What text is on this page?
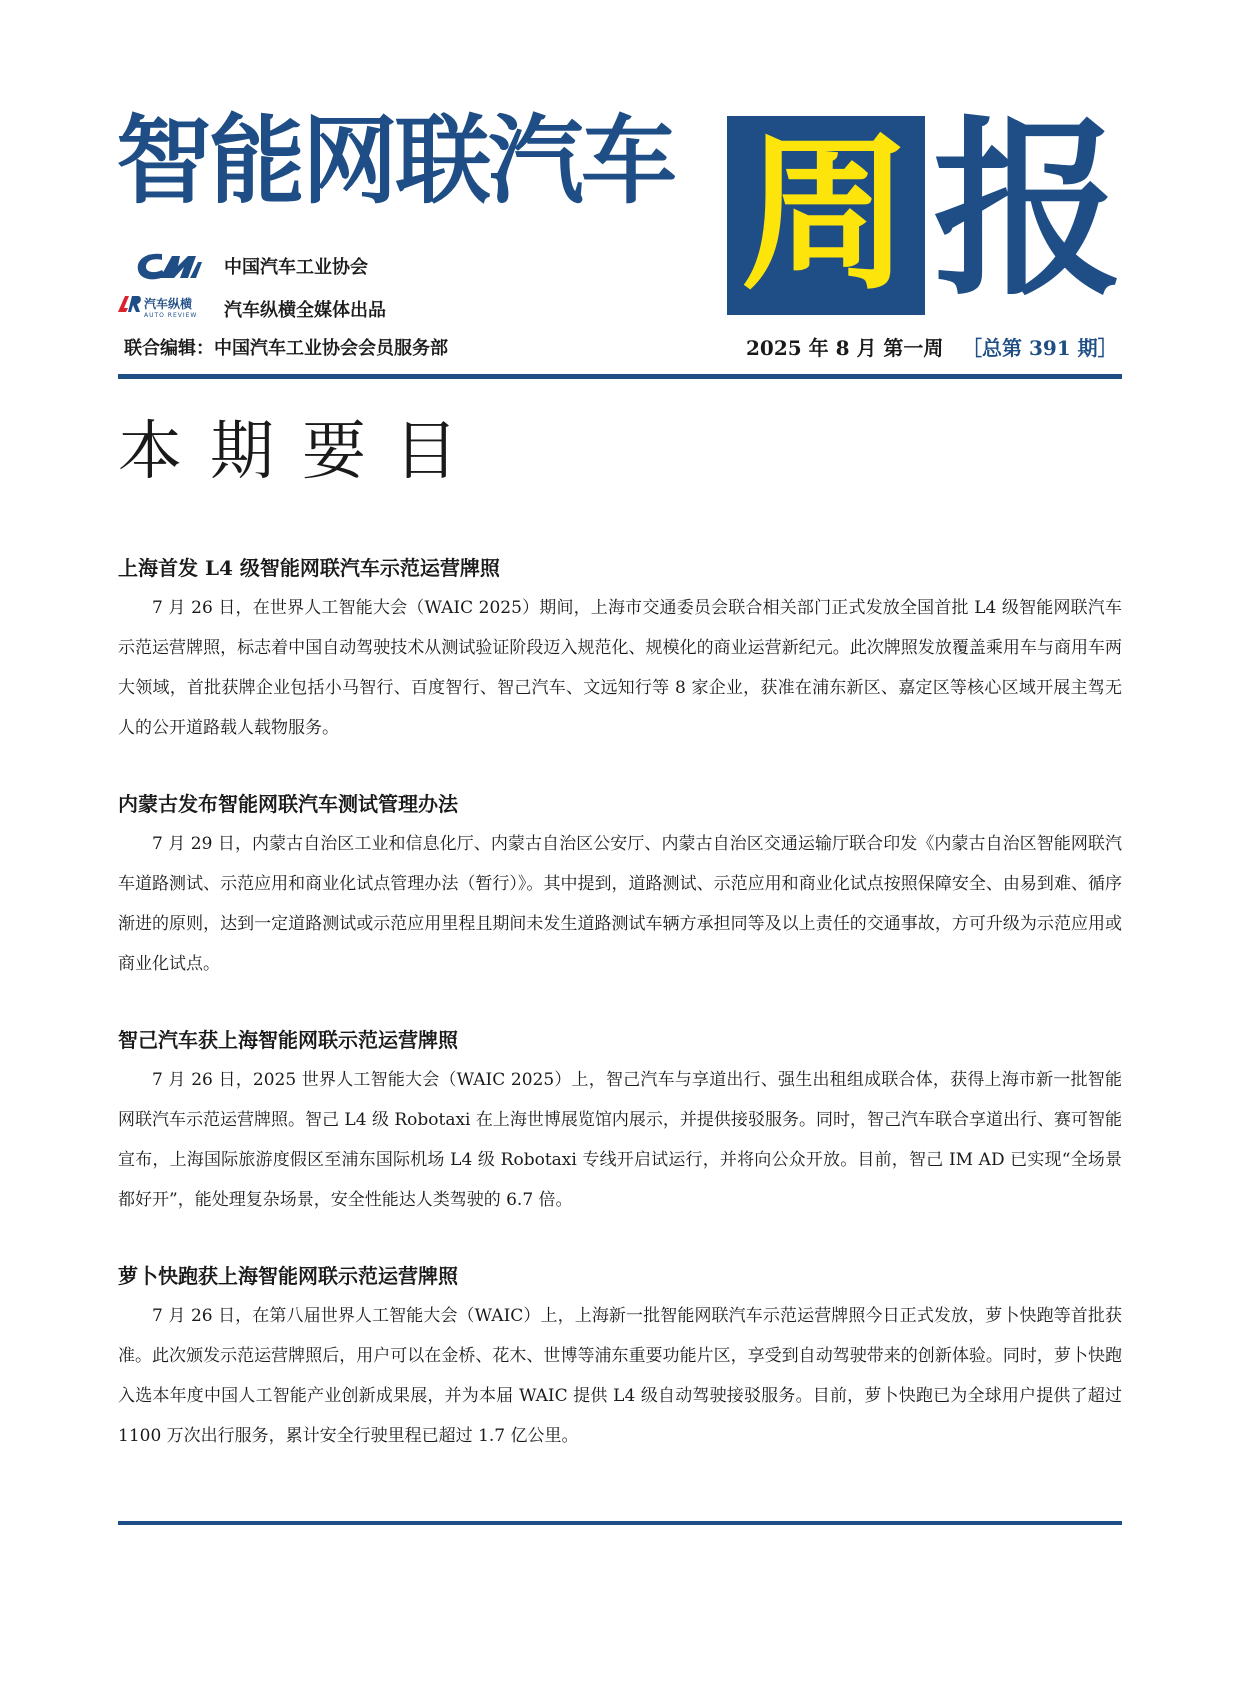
智能网联汽车 周 报
汽车纵横
AUTO REVIEW
中国汽车工业协会
汽车纵横全媒体出品
联合编辑：中国汽车工业协会会员服务部	2025 年 8 月 第一周 ［总第 391 期］
本期要目

上海首发 L4 级智能网联汽车示范运营牌照

7 月 26 日，在世界人工智能大会（WAIC 2025）期间，上海市交通委员会联合相关部门正式发放全国首批 L4 级智能网联汽车示范运营牌照，标志着中国自动驾驶技术从测试验证阶段迈入规范化、规模化的商业运营新纪元。此次牌照发放覆盖乘用车与商用车两大领域，首批获牌企业包括小马智行、百度智行、智己汽车、文远知行等 8 家企业，获准在浦东新区、嘉定区等核心区域开展主驾无人的公开道路载人载物服务。

内蒙古发布智能网联汽车测试管理办法

7 月 29 日，内蒙古自治区工业和信息化厅、内蒙古自治区公安厅、内蒙古自治区交通运输厅联合印发《内蒙古自治区智能网联汽车道路测试、示范应用和商业化试点管理办法（暂行）》。其中提到，道路测试、示范应用和商业化试点按照保障安全、由易到难、循序渐进的原则，达到一定道路测试或示范应用里程且期间未发生道路测试车辆方承担同等及以上责任的交通事故，方可升级为示范应用或商业化试点。

智己汽车获上海智能网联示范运营牌照

7 月 26 日，2025 世界人工智能大会（WAIC 2025）上，智己汽车与享道出行、强生出租组成联合体，获得上海市新一批智能网联汽车示范运营牌照。智己 L4 级 Robotaxi 在上海世博展览馆内展示，并提供接驳服务。同时，智己汽车联合享道出行、赛可智能宣布，上海国际旅游度假区至浦东国际机场 L4 级 Robotaxi 专线开启试运行，并将向公众开放。目前，智己 IM AD 已实现“全场景都好开”，能处理复杂场景，安全性能达人类驾驶的 6.7 倍。

萝卜快跑获上海智能网联示范运营牌照

7 月 26 日，在第八届世界人工智能大会（WAIC）上，上海新一批智能网联汽车示范运营牌照今日正式发放，萝卜快跑等首批获准。此次颁发示范运营牌照后，用户可以在金桥、花木、世博等浦东重要功能片区，享受到自动驾驶带来的创新体验。同时，萝卜快跑入选本年度中国人工智能产业创新成果展，并为本届 WAIC 提供 L4 级自动驾驶接驳服务。目前，萝卜快跑已为全球用户提供了超过 1100 万次出行服务，累计安全行驶里程已超过 1.7 亿公里。
